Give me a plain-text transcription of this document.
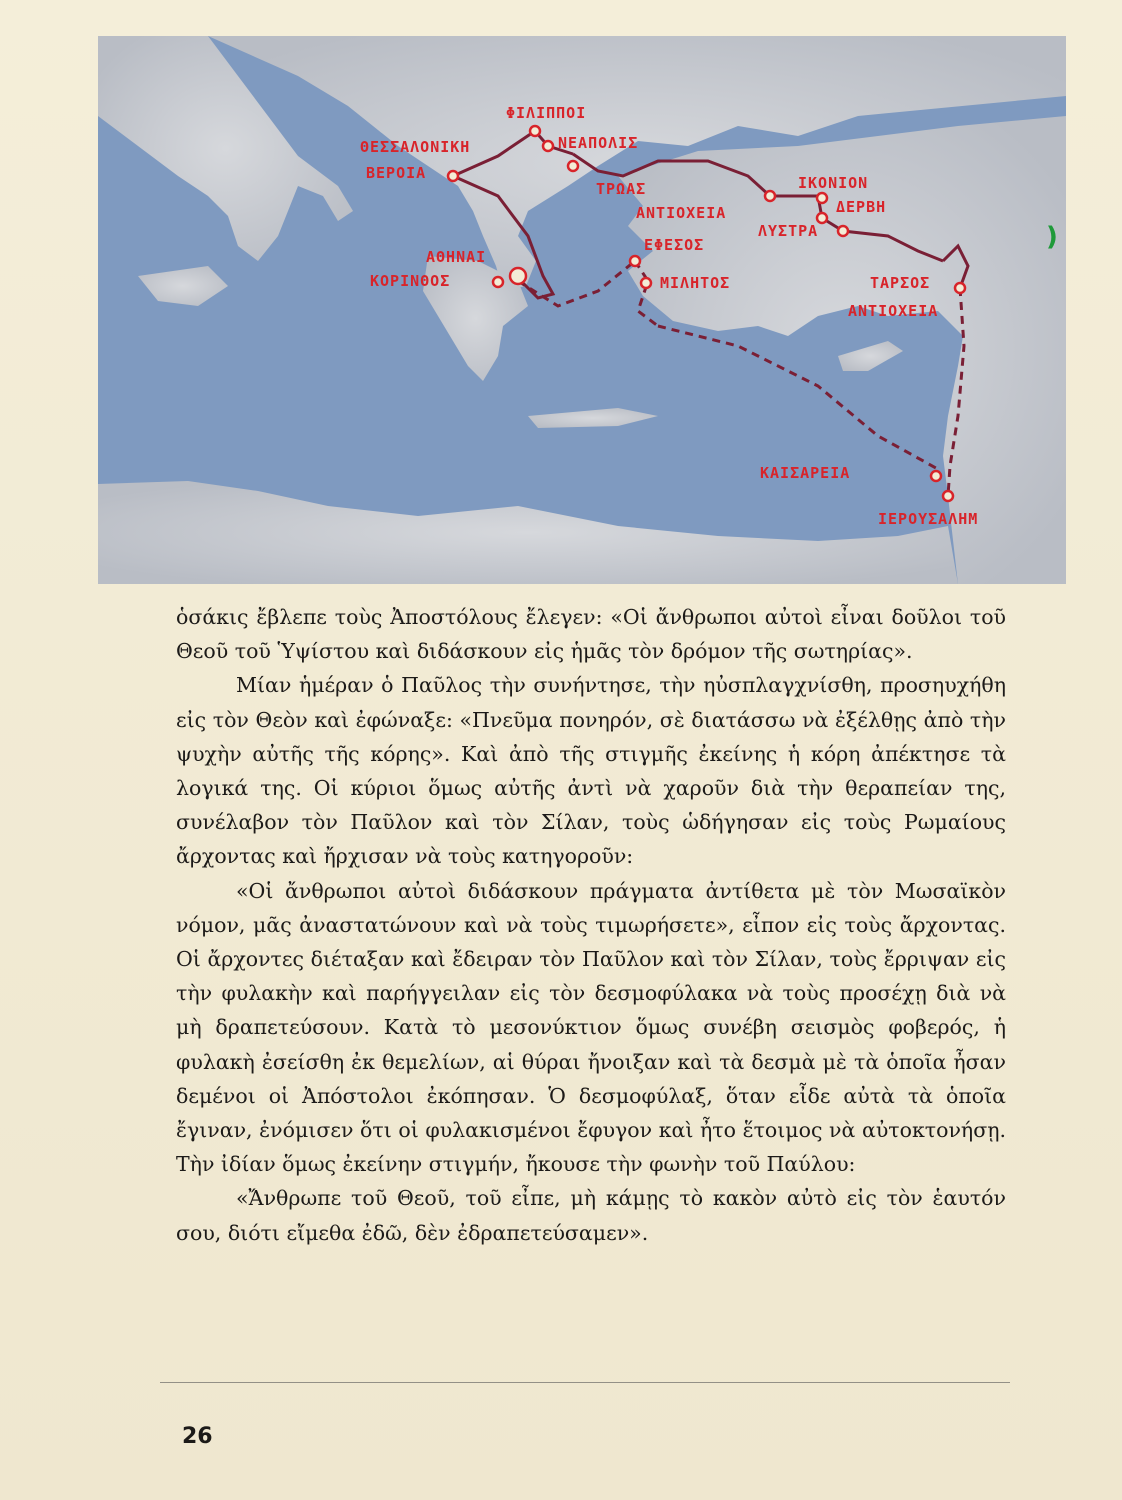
ΦΙΛΙΠΠΟΙ
ΘΕΣΣΑΛΟΝΙΚΗ	ΝΕΑΠΟΛΙΣ
ΒΕΡΟΙΑ
ΤΡΩΑΣ	ΙΚΟΝΙΟΝ
ΑΝΤΙΟΧΕΙΑ	ΔΕΡΒΗ
ΛΥΣΤΡΑ
ΑΘΗΝΑΙ
ΕΦΕΣΟΣ
ΚΟΡΙΝΘΟΣ	ΜΙΛΗΤΟΣ	ΤΑΡΣΟΣ
ΑΝΤΙΟΧΕΙΑ
ΚΑΙΣΑΡΕΙΑ
ΙΕΡΟΥΣΑΛΗΜ
)

ὁσάκις ἔβλεπε τοὺς Ἀποστόλους ἔλεγεν: «Οἱ ἄνθρωποι αὐτοὶ εἶναι δοῦλοι τοῦ Θεοῦ τοῦ Ὑψίστου καὶ διδάσκουν εἰς ἡμᾶς τὸν δρόμον τῆς σωτηρίας».

Μίαν ἡμέραν ὁ Παῦλος τὴν συνήντησε, τὴν ηὐσπλαγχνίσθη, προσηυχήθη εἰς τὸν Θεὸν καὶ ἐφώναξε: «Πνεῦμα πονηρόν, σὲ διατάσσω νὰ ἐξέλθῃς ἀπὸ τὴν ψυχὴν αὐτῆς τῆς κόρης». Καὶ ἀπὸ τῆς στιγμῆς ἐκείνης ἡ κόρη ἀπέκτησε τὰ λογικά της. Οἱ κύριοι ὅμως αὐτῆς ἀντὶ νὰ χαροῦν διὰ τὴν θεραπείαν της, συνέλαβον τὸν Παῦλον καὶ τὸν Σίλαν, τοὺς ὡδήγησαν εἰς τοὺς Ρωμαίους ἄρχοντας καὶ ἤρχισαν νὰ τοὺς κατηγοροῦν:

«Οἱ ἄνθρωποι αὐτοὶ διδάσκουν πράγματα ἀντίθετα μὲ τὸν Μωσαϊκὸν νόμον, μᾶς ἀναστατώνουν καὶ νὰ τοὺς τιμωρήσετε», εἶπον εἰς τοὺς ἄρχοντας. Οἱ ἄρχοντες διέταξαν καὶ ἔδειραν τὸν Παῦλον καὶ τὸν Σίλαν, τοὺς ἔρριψαν εἰς τὴν φυλακὴν καὶ παρήγγειλαν εἰς τὸν δεσμοφύλακα νὰ τοὺς προσέχῃ διὰ νὰ μὴ δραπετεύσουν. Κατὰ τὸ μεσονύκτιον ὅμως συνέβη σεισμὸς φοβερός, ἡ φυλακὴ ἐσείσθη ἐκ θεμελίων, αἱ θύραι ἤνοιξαν καὶ τὰ δεσμὰ μὲ τὰ ὁποῖα ἦσαν δεμένοι οἱ Ἀπόστολοι ἐκόπησαν. Ὁ δεσμοφύλαξ, ὅταν εἶδε αὐτὰ τὰ ὁποῖα ἔγιναν, ἐνόμισεν ὅτι οἱ φυλακισμένοι ἔφυγον καὶ ἦτο ἕτοιμος νὰ αὐτοκτονήσῃ. Τὴν ἰδίαν ὅμως ἐκείνην στιγμήν, ἤκουσε τὴν φωνὴν τοῦ Παύλου:

«Ἄνθρωπε τοῦ Θεοῦ, τοῦ εἶπε, μὴ κάμῃς τὸ κακὸν αὐτὸ εἰς τὸν ἑαυτόν σου, διότι εἴμεθα ἐδῶ, δὲν ἐδραπετεύσαμεν».

26
